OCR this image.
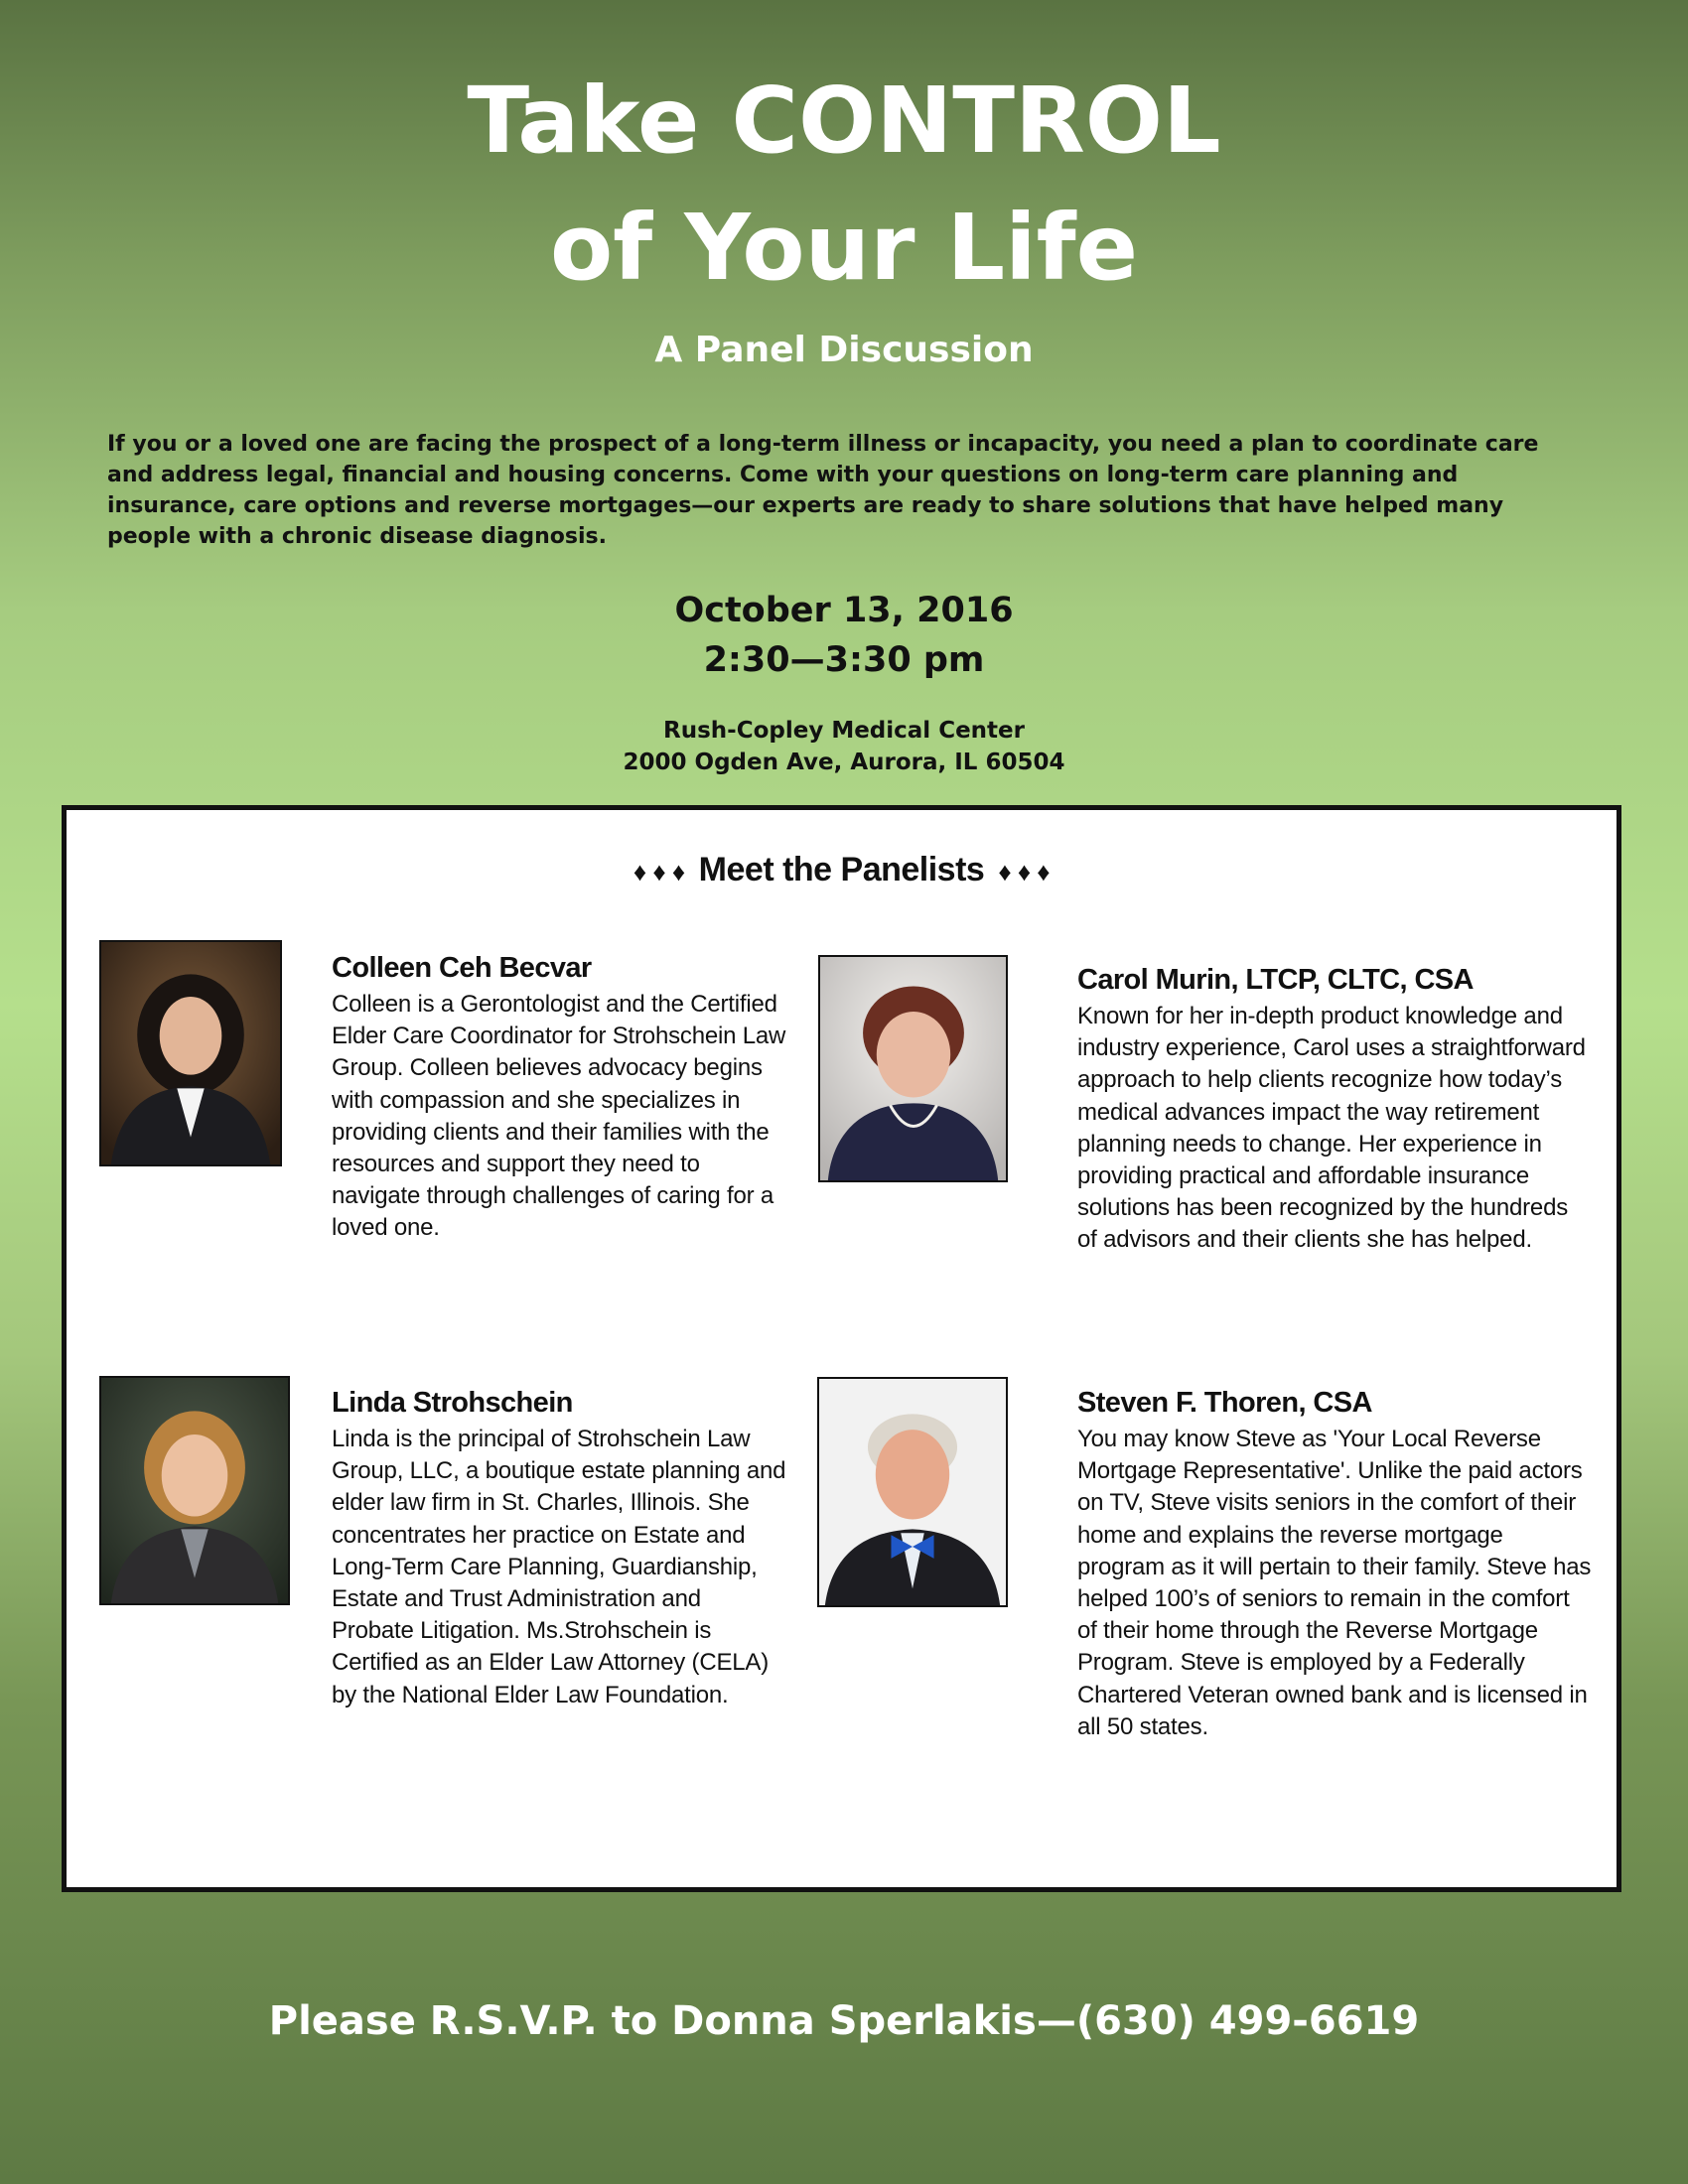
Take CONTROL
of Your Life
A Panel Discussion

If you or a loved one are facing the prospect of a long-term illness or incapacity, you need a plan to coordinate care and address legal, financial and housing concerns. Come with your questions on long-term care planning and insurance, care options and reverse mortgages—our experts are ready to share solutions that have helped many people with a chronic disease diagnosis.

October 13, 2016

2:30—3:30 pm

Rush-Copley Medical Center

2000 Ogden Ave, Aurora, IL 60504

♦ ♦ ♦ Meet the Panelists ♦ ♦ ♦
Colleen Ceh Becvar

Colleen is a Gerontologist and the Certified Elder Care Coordinator for Strohschein Law Group. Colleen believes advocacy begins with compassion and she specializes in providing clients and their families with the resources and support they need to navigate through challenges of caring for a loved one.

Carol Murin, LTCP, CLTC, CSA

Known for her in-depth product knowledge and industry experience, Carol uses a straightforward approach to help clients recognize how today’s medical advances impact the way retirement planning needs to change. Her experience in providing practical and affordable insurance solutions has been recognized by the hundreds of advisors and their clients she has helped.

Linda Strohschein

Linda is the principal of Strohschein Law Group, LLC, a boutique estate planning and elder law firm in St. Charles, Illinois. She concentrates her practice on Estate and Long-Term Care Planning, Guardianship, Estate and Trust Administration and Probate Litigation. Ms.Strohschein is Certified as an Elder Law Attorney (CELA) by the National Elder Law Foundation.

Steven F. Thoren, CSA

You may know Steve as 'Your Local Reverse Mortgage Representative'. Unlike the paid actors on TV, Steve visits seniors in the comfort of their home and explains the reverse mortgage program as it will pertain to their family. Steve has helped 100’s of seniors to remain in the comfort of their home through the Reverse Mortgage Program. Steve is employed by a Federally Chartered Veteran owned bank and is licensed in all 50 states.

Please R.S.V.P. to Donna Sperlakis—(630) 499-6619
